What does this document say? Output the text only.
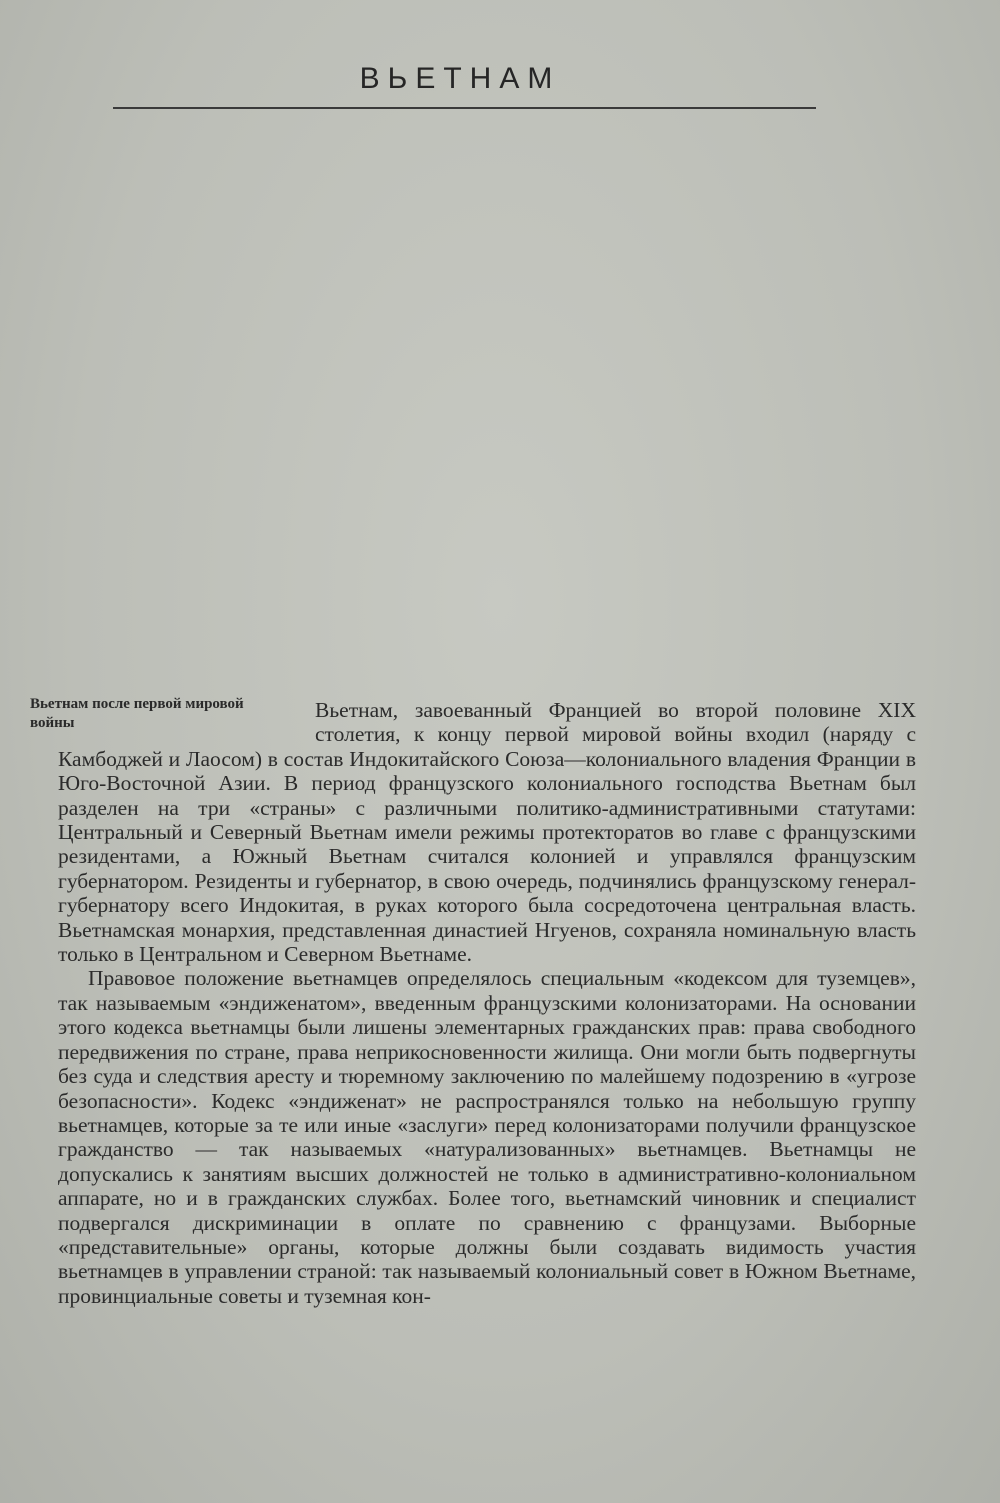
ВЬЕТНАМ
Вьетнам после первой мировой войны

Вьетнам, завоеванный Францией во второй половине XIX столетия, к концу первой мировой войны входил (наряду с Камбоджей и Лаосом) в состав Индокитайского Союза—колониального владения Франции в Юго-Восточной Азии. В период французского колониального господства Вьетнам был разделен на три «страны» с различными политико-административными статутами: Центральный и Северный Вьетнам имели режимы протекторатов во главе с французскими резидентами, а Южный Вьетнам считался колонией и управлялся французским губернатором. Резиденты и губернатор, в свою очередь, подчинялись французскому генерал-губернатору всего Индокитая, в руках которого была сосредоточена центральная власть. Вьетнамская монархия, представленная династией Нгуенов, сохраняла номинальную власть только в Центральном и Северном Вьетнаме.

Правовое положение вьетнамцев определялось специальным «кодексом для туземцев», так называемым «эндиженатом», введенным французскими колонизаторами. На основании этого кодекса вьетнамцы были лишены элементарных гражданских прав: права свободного передвижения по стране, права неприкосновенности жилища. Они могли быть подвергнуты без суда и следствия аресту и тюремному заключению по малейшему подозрению в «угрозе безопасности». Кодекс «эндиженат» не распространялся только на небольшую группу вьетнамцев, которые за те или иные «заслуги» перед колонизаторами получили французское гражданство — так называемых «натурализованных» вьетнамцев. Вьетнамцы не допускались к занятиям высших должностей не только в административно-колониальном аппарате, но и в гражданских службах. Более того, вьетнамский чиновник и специалист подвергался дискриминации в оплате по сравнению с французами. Выборные «представительные» органы, которые должны были создавать видимость участия вьетнамцев в управлении страной: так называемый колониальный совет в Южном Вьетнаме, провинциальные советы и туземная кон-
